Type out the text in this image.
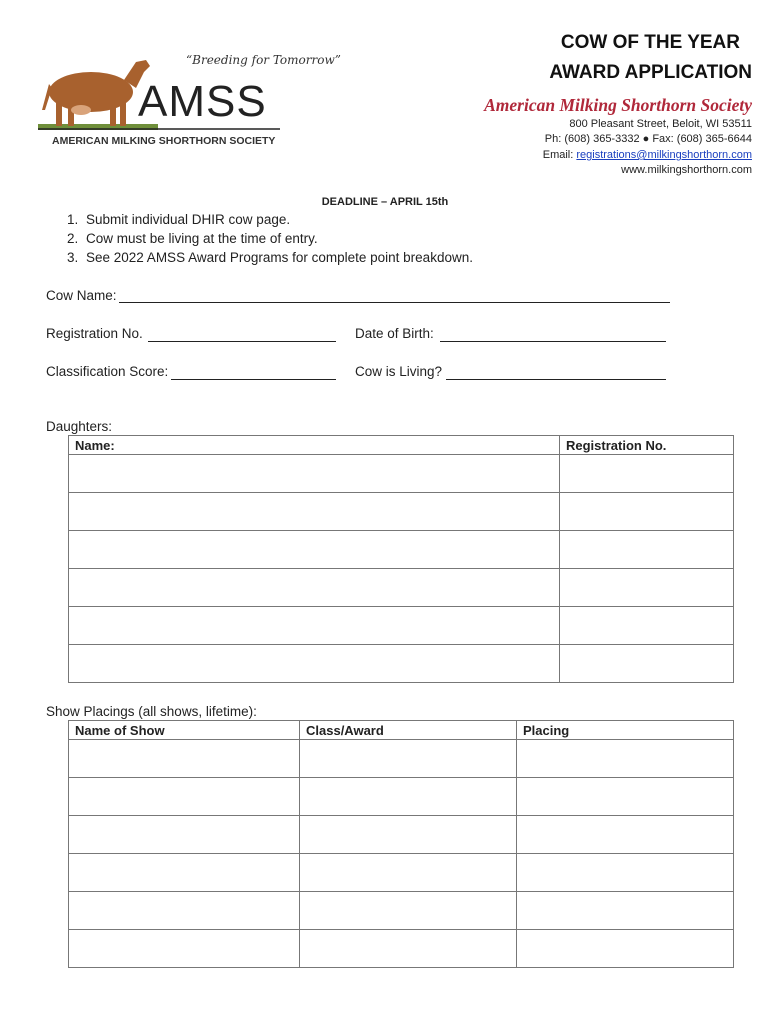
“Breeding for Tomorrow”
AMSS
AMERICAN MILKING SHORTHORN SOCIETY
COW OF THE YEAR
AWARD APPLICATION
American Milking Shorthorn Society
800 Pleasant Street, Beloit, WI 53511
Ph: (608) 365-3332 ● Fax: (608) 365-6644
Email: registrations@milkingshorthorn.com
www.milkingshorthorn.com
DEADLINE – APRIL 15th
1. Submit individual DHIR cow page.
2. Cow must be living at the time of entry.
3. See 2022 AMSS Award Programs for complete point breakdown.
Cow Name:
Registration No.	Date of Birth:
Classification Score:	Cow is Living?
Daughters:
Name:	Registration No.

Show Placings (all shows, lifetime):
Name of Show	Class/Award	Placing
